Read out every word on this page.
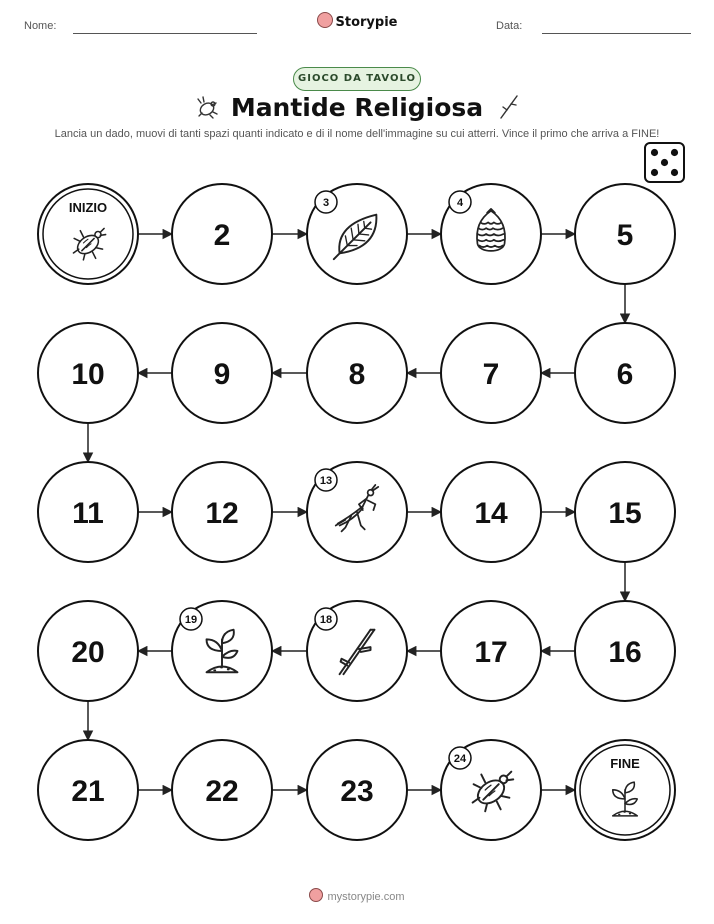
Nome:	Storypie	Data:
GIOCO DA TAVOLO
Mantide Religiosa
Lancia un dado, muovi di tanti spazi quanti indicato e di il nome dell'immagine su cui atterri. Vince il primo che arriva a FINE!
INIZIO
2
3	4
5
6
7
8
9
10
11	12
13
14	15
16
17
18
19
20
21	22	23
24	FINE
mystorypie.com
